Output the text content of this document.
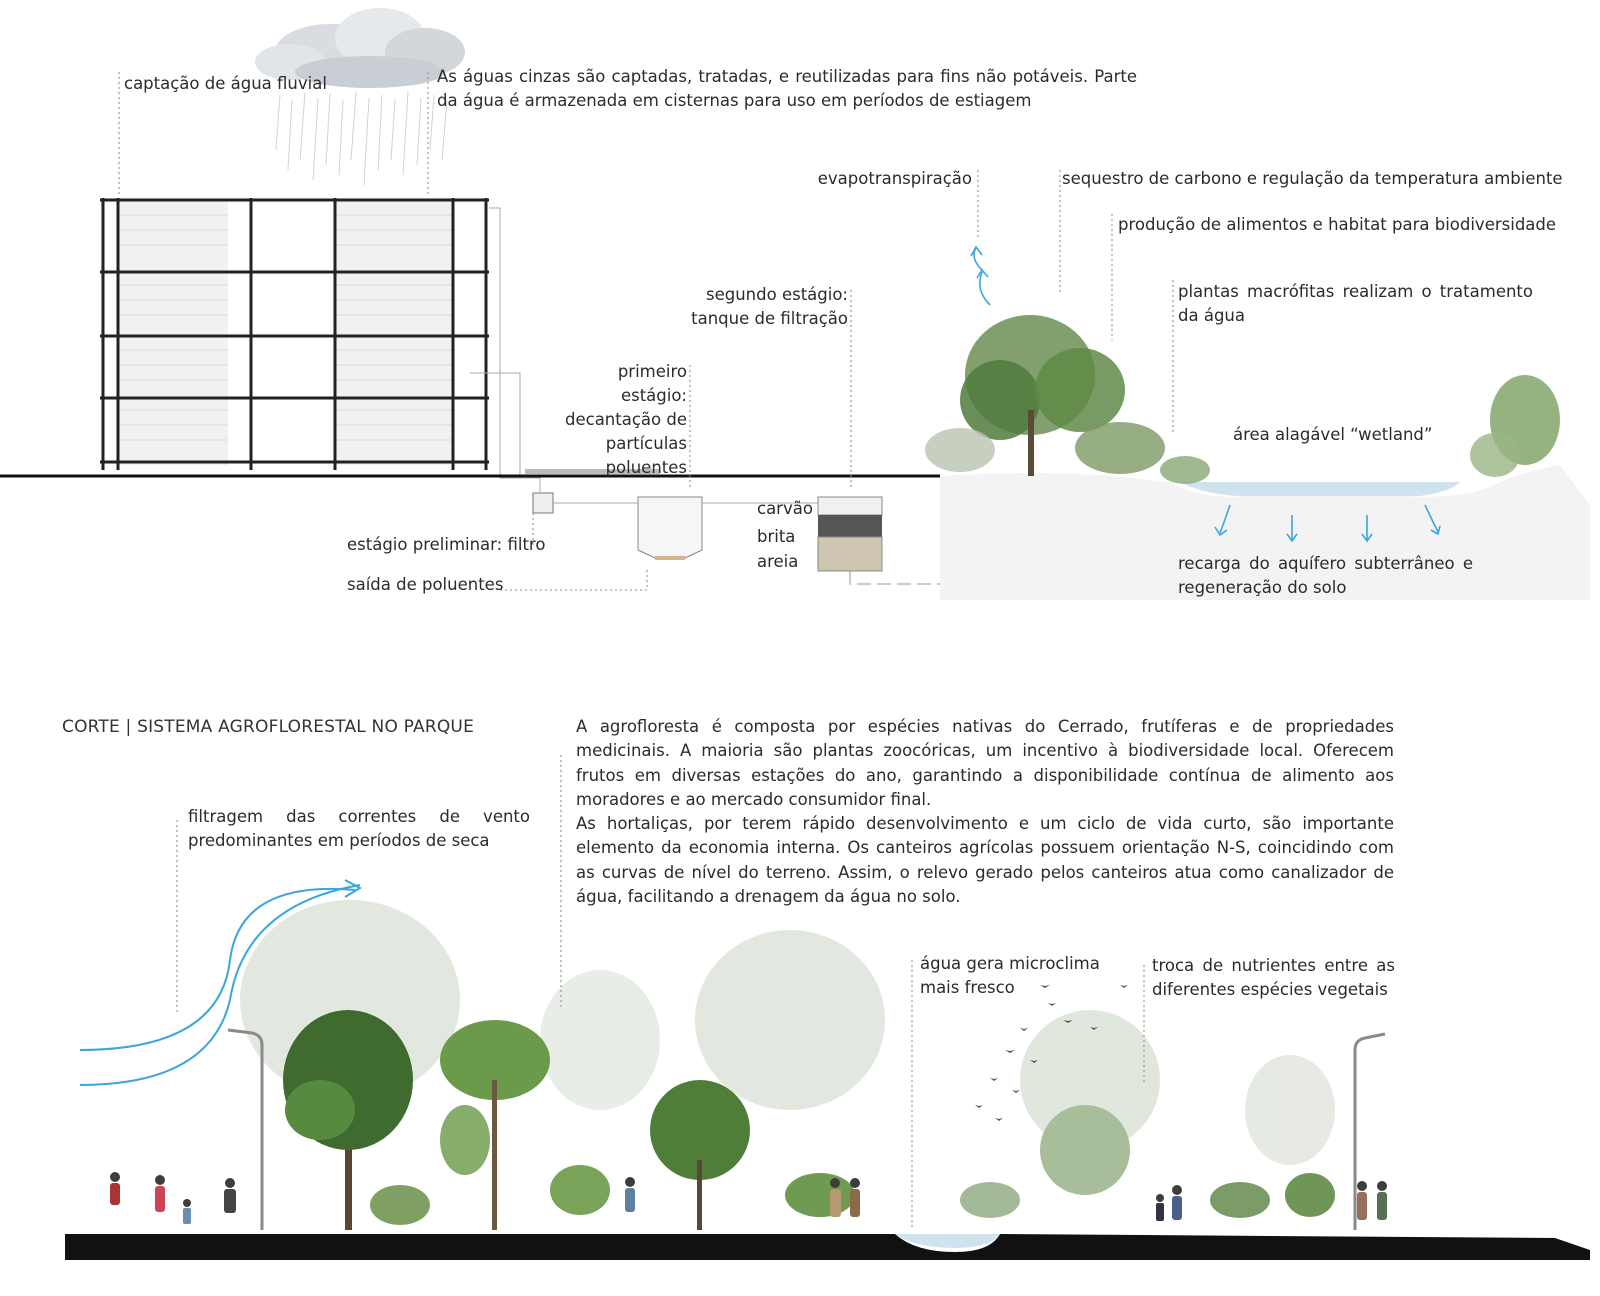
captação de água fluvial	As águas cinzas são captadas, tratadas, e reutilizadas para fins não potáveis. Parte da água é armazenada em cisternas para uso em períodos de estiagem
evapotranspiração	sequestro de carbono e regulação da temperatura ambiente
produção de alimentos e habitat para biodiversidade
plantas macrófitas realizam o tratamento da água
segundo estágio: tanque de filtração
primeiro estágio: decantação de partículas poluentes
área alagável “wetland”
carvão
brita
areia
estágio preliminar: filtro
saída de poluentes
recarga do aquífero subterrâneo e regeneração do solo
CORTE | SISTEMA AGROFLORESTAL NO PARQUE	A agrofloresta é composta por espécies nativas do Cerrado, frutíferas e de propriedades medicinais. A maioria são plantas zoocóricas, um incentivo à biodiversidade local. Oferecem frutos em diversas estações do ano, garantindo a disponibilidade contínua de alimento aos moradores e ao mercado consumidor final.

As hortaliças, por terem rápido desenvolvimento e um ciclo de vida curto, são importante elemento da economia interna. Os canteiros agrícolas possuem orientação N-S, coincidindo com as curvas de nível do terreno. Assim, o relevo gerado pelos canteiros atua como canalizador de água, facilitando a drenagem da água no solo.

filtragem das correntes de vento predominantes em períodos de seca
água gera microclima mais fresco
troca de nutrientes entre as diferentes espécies vegetais
